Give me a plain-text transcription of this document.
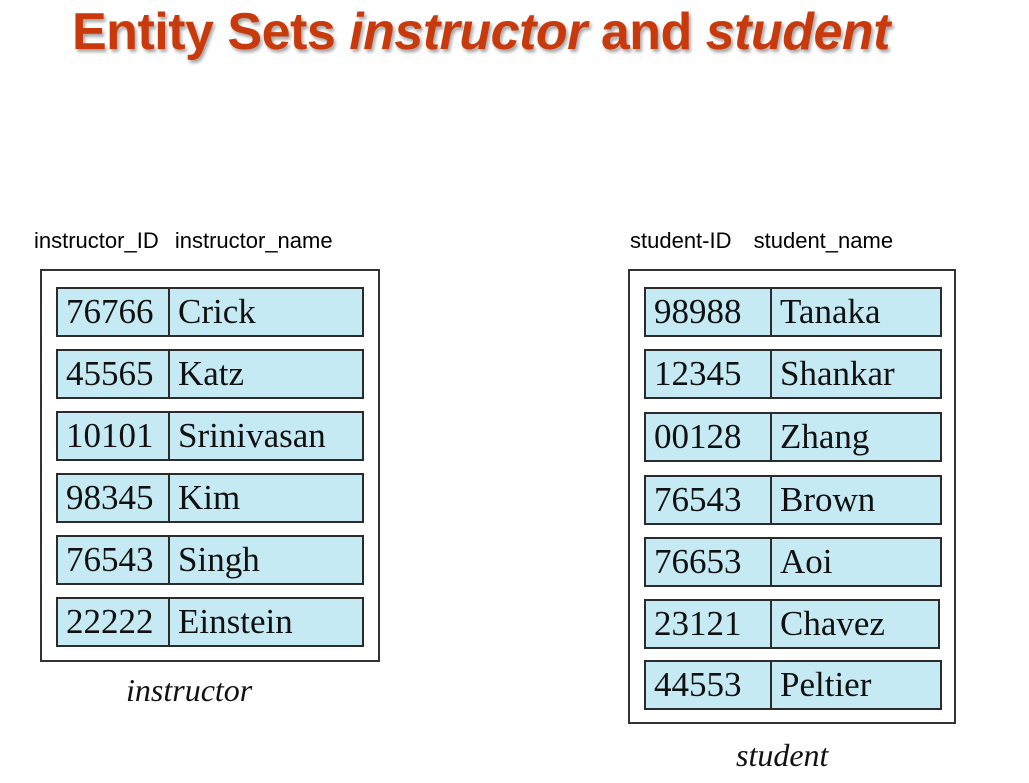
Entity Sets instructor and student
instructor_ID instructor_name
76766 Crick
45565 Katz
10101 Srinivasan
98345 Kim
76543 Singh
22222 Einstein
instructor
student-ID student_name
98988	Tanaka
12345	Shankar
00128	Zhang
76543	Brown
76653	Aoi
23121	Chavez
44553	Peltier
student
